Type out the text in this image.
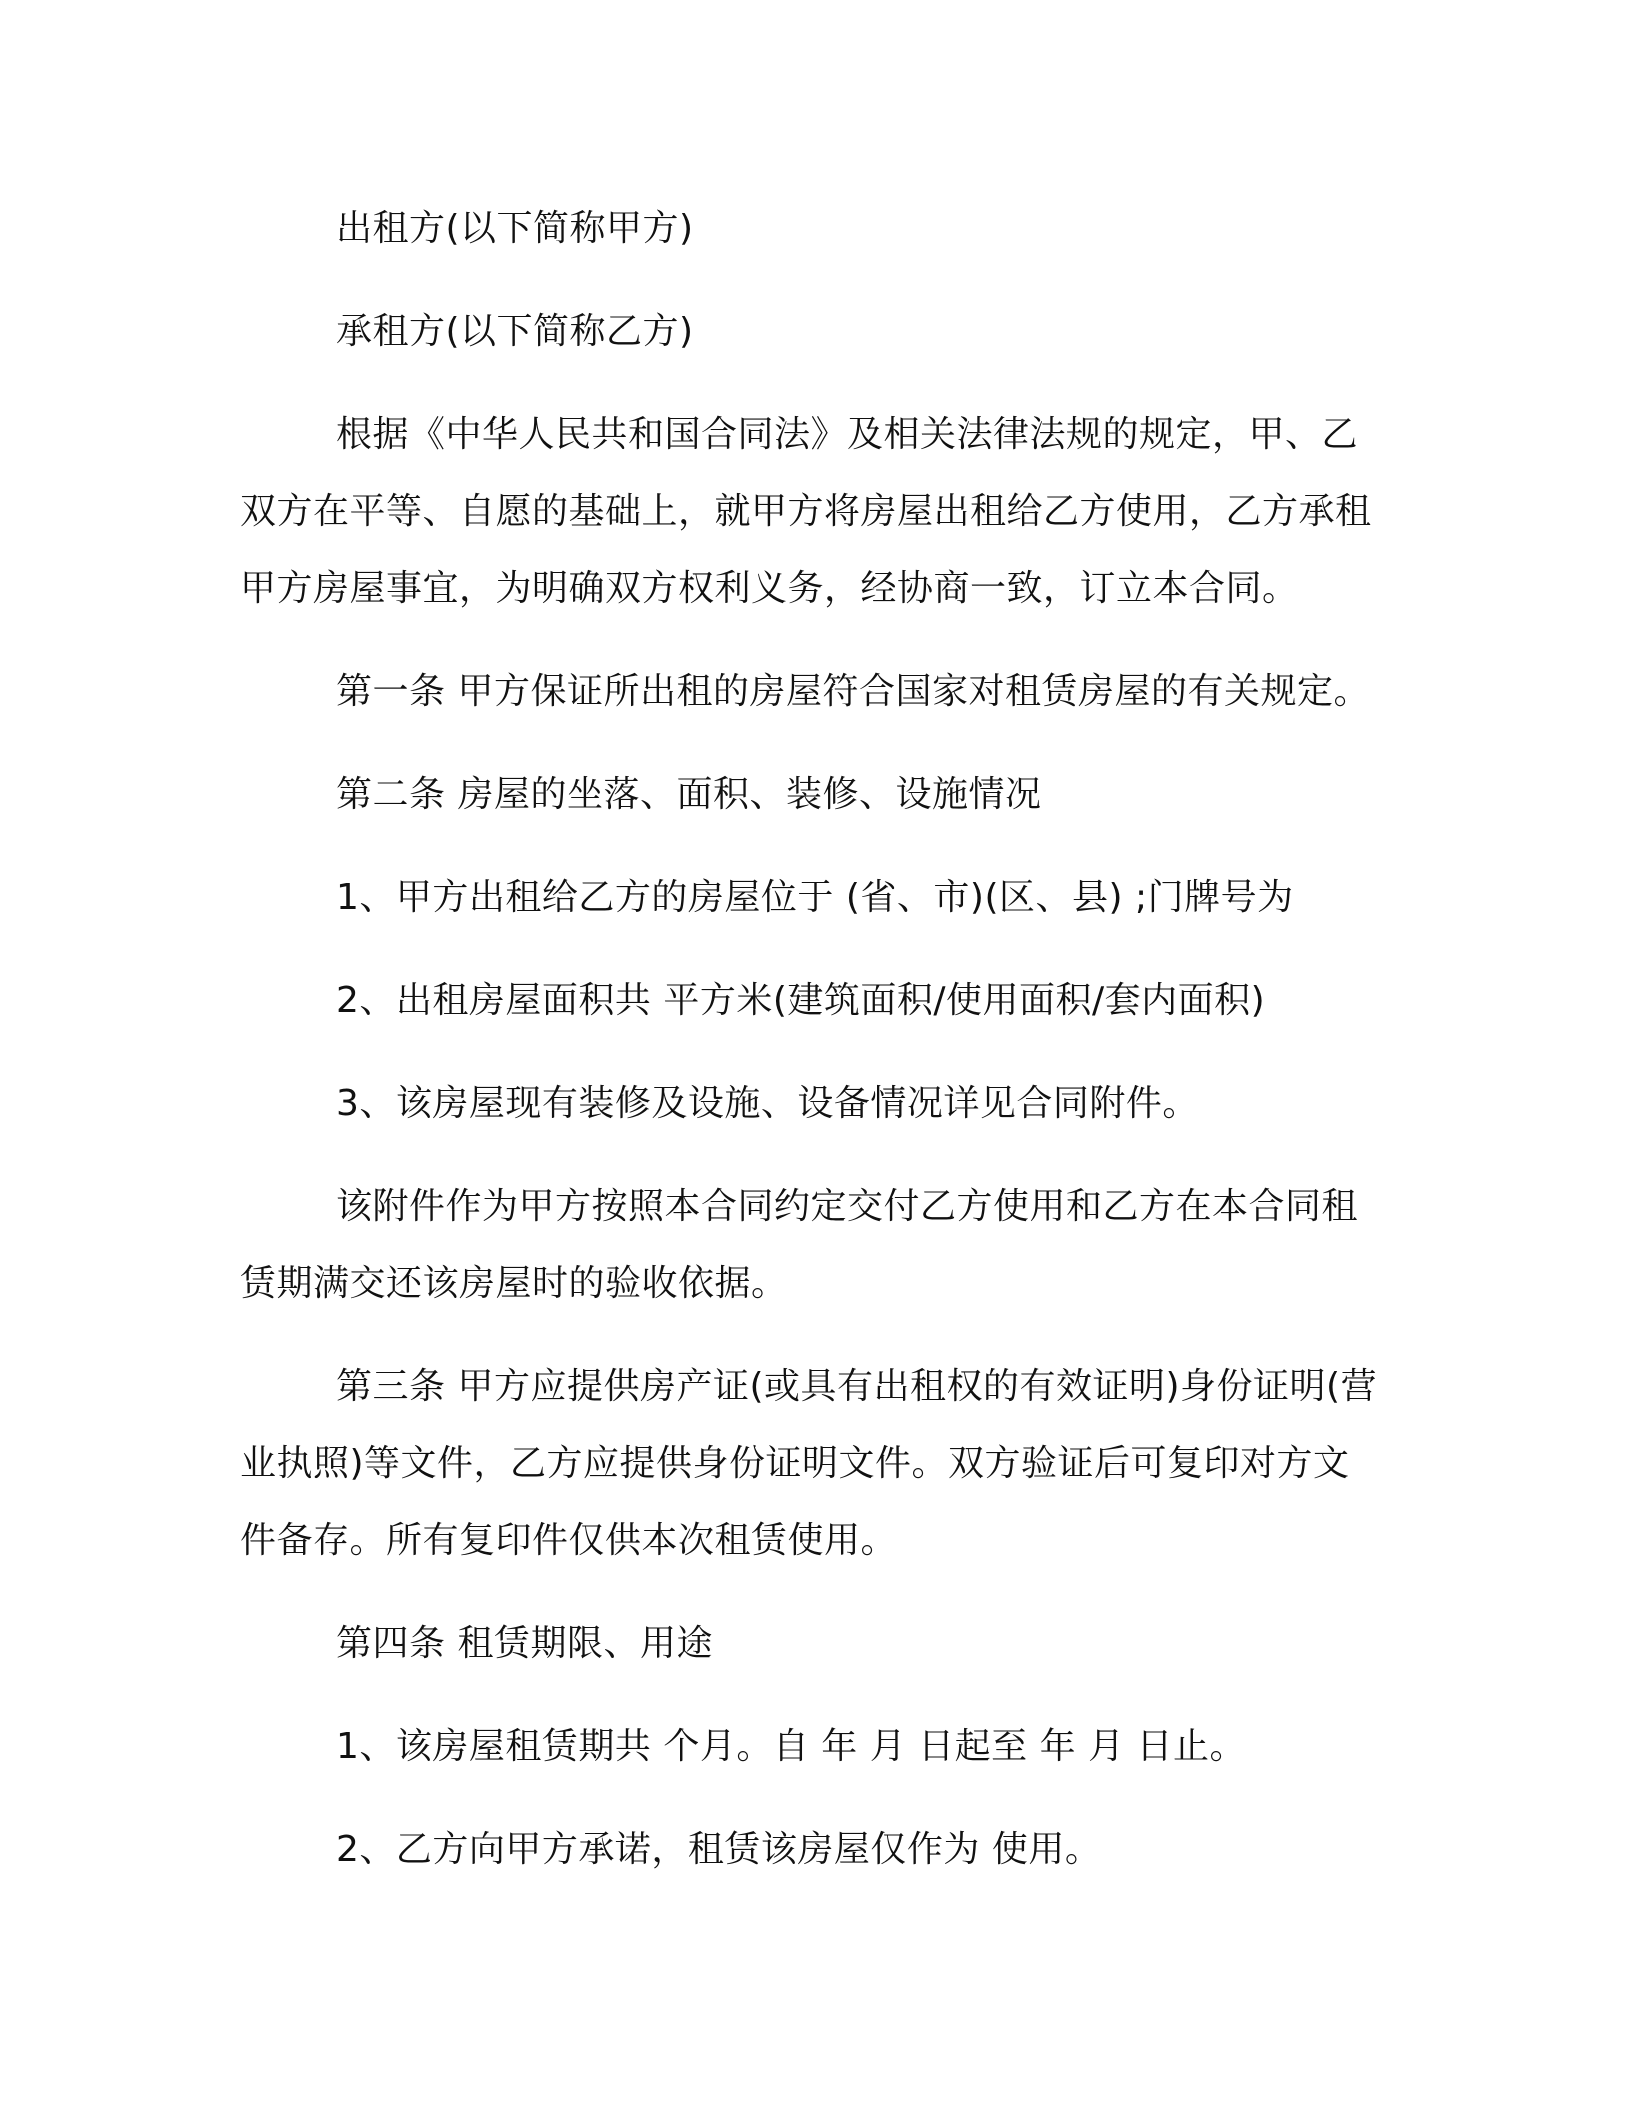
出租方(以下简称甲方)

承租方(以下简称乙方)

根据《中华人民共和国合同法》及相关法律法规的规定，甲、乙双方在平等、自愿的基础上，就甲方将房屋出租给乙方使用，乙方承租甲方房屋事宜，为明确双方权利义务，经协商一致，订立本合同。

第一条 甲方保证所出租的房屋符合国家对租赁房屋的有关规定。

第二条 房屋的坐落、面积、装修、设施情况

1、甲方出租给乙方的房屋位于 (省、市)(区、县) ;门牌号为

2、出租房屋面积共 平方米(建筑面积/使用面积/套内面积)

3、该房屋现有装修及设施、设备情况详见合同附件。

该附件作为甲方按照本合同约定交付乙方使用和乙方在本合同租赁期满交还该房屋时的验收依据。

第三条 甲方应提供房产证(或具有出租权的有效证明)身份证明(营业执照)等文件，乙方应提供身份证明文件。双方验证后可复印对方文件备存。所有复印件仅供本次租赁使用。

第四条 租赁期限、用途

1、该房屋租赁期共 个月。自 年 月 日起至 年 月 日止。

2、乙方向甲方承诺，租赁该房屋仅作为 使用。
